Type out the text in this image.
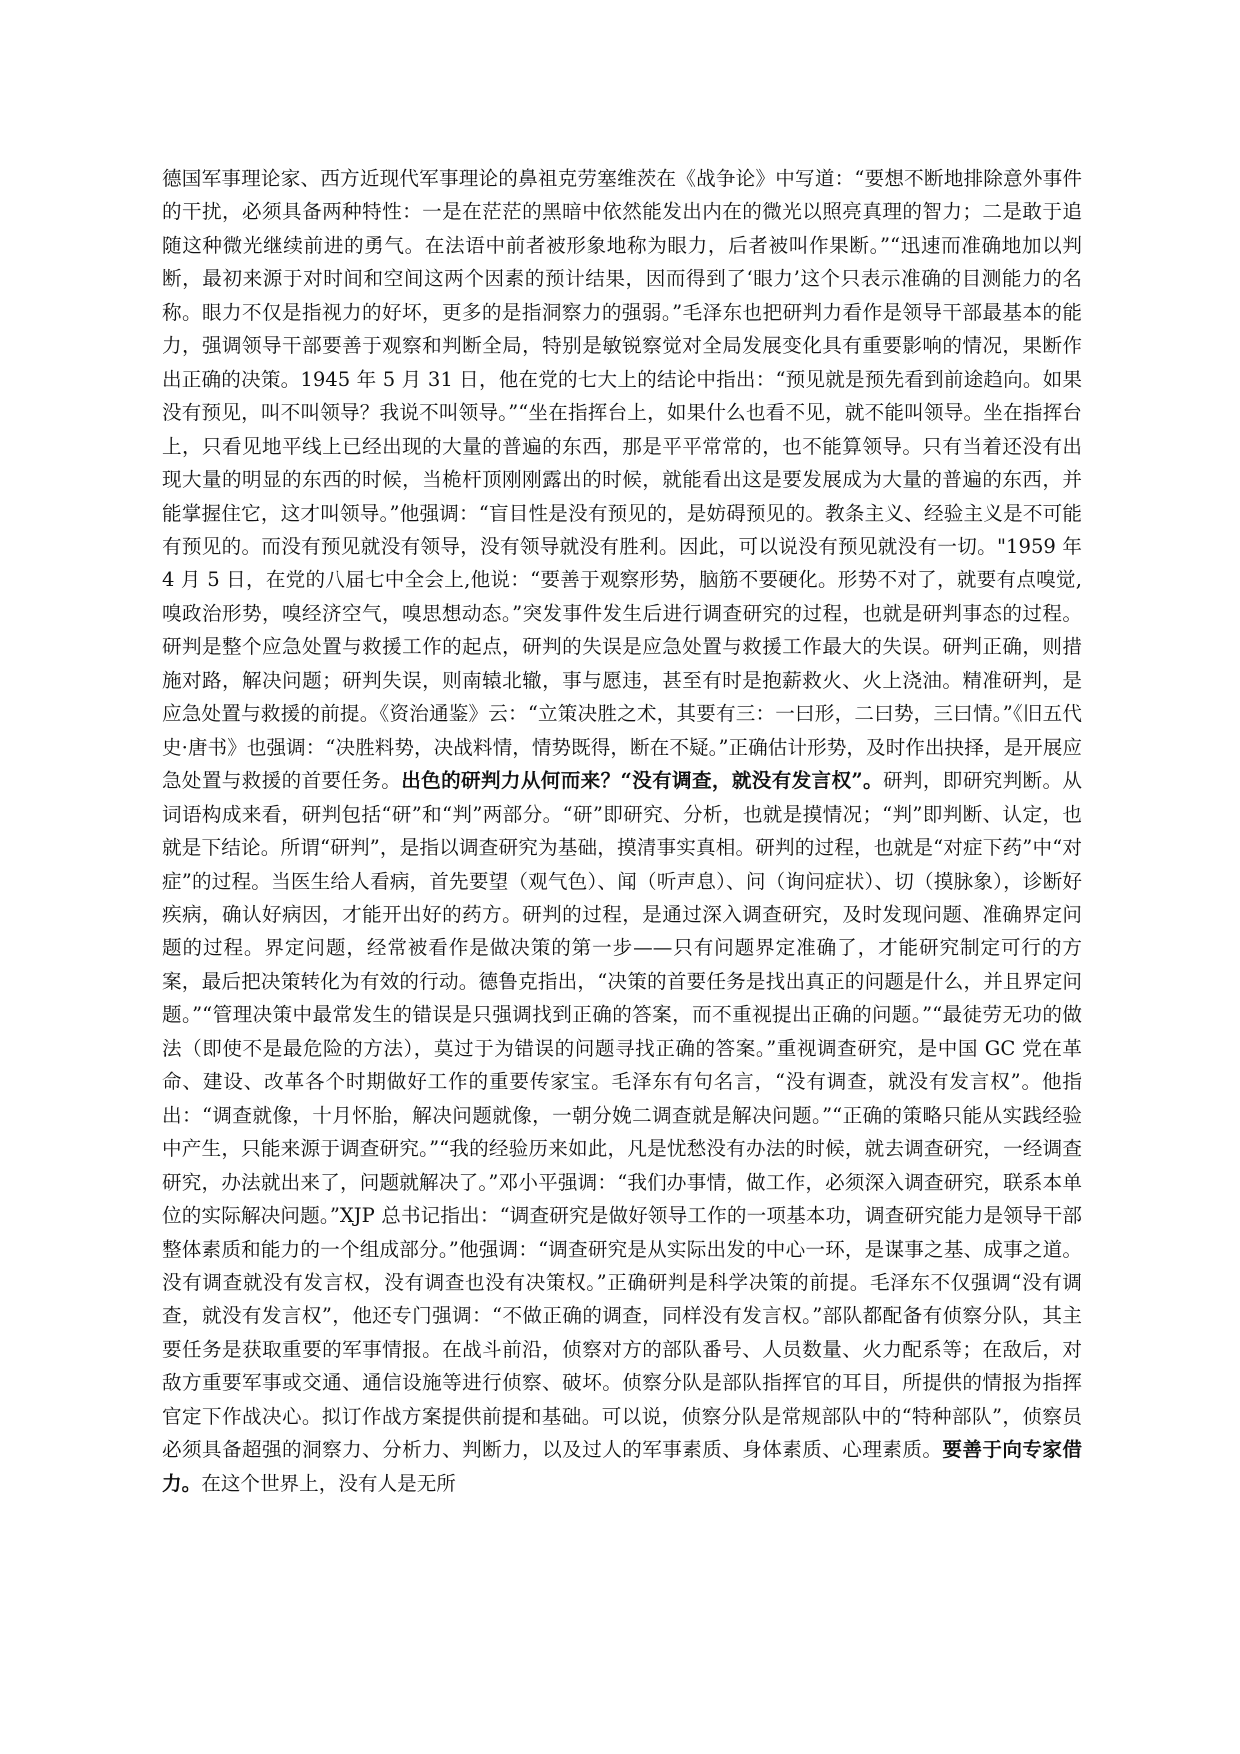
德国军事理论家、西方近现代军事理论的鼻祖克劳塞维茨在《战争论》中写道：“要想不断地排除意外事件的干扰，必须具备两种特性：一是在茫茫的黑暗中依然能发出内在的微光以照亮真理的智力；二是敢于追随这种微光继续前进的勇气。在法语中前者被形象地称为眼力，后者被叫作果断。”“迅速而准确地加以判断，最初来源于对时间和空间这两个因素的预计结果，因而得到了‘眼力’这个只表示准确的目测能力的名称。眼力不仅是指视力的好坏，更多的是指洞察力的强弱。”毛泽东也把研判力看作是领导干部最基本的能力，强调领导干部要善于观察和判断全局，特别是敏锐察觉对全局发展变化具有重要影响的情况，果断作出正确的决策。1945 年 5 月 31 日，他在党的七大上的结论中指出：“预见就是预先看到前途趋向。如果没有预见，叫不叫领导？我说不叫领导。”“坐在指挥台上，如果什么也看不见，就不能叫领导。坐在指挥台上，只看见地平线上已经出现的大量的普遍的东西，那是平平常常的，也不能算领导。只有当着还没有出现大量的明显的东西的时候，当桅杆顶刚刚露出的时候，就能看出这是要发展成为大量的普遍的东西，并能掌握住它，这才叫领导。”他强调：“盲目性是没有预见的，是妨碍预见的。教条主义、经验主义是不可能有预见的。而没有预见就没有领导，没有领导就没有胜利。因此，可以说没有预见就没有一切。"1959 年 4 月 5 日，在党的八届七中全会上,他说：“要善于观察形势，脑筋不要硬化。形势不对了，就要有点嗅觉,嗅政治形势，嗅经济空气，嗅思想动态。”突发事件发生后进行调查研究的过程，也就是研判事态的过程。研判是整个应急处置与救援工作的起点，研判的失误是应急处置与救援工作最大的失误。研判正确，则措施对路，解决问题；研判失误，则南辕北辙，事与愿违，甚至有时是抱薪救火、火上浇油。精准研判，是应急处置与救援的前提。《资治通鉴》云：“立策决胜之术，其要有三：一曰形，二曰势，三曰情。”《旧五代史·唐书》也强调：“决胜料势，决战料情，情势既得，断在不疑。”正确估计形势，及时作出抉择，是开展应急处置与救援的首要任务。出色的研判力从何而来？“没有调查，就没有发言权”。研判，即研究判断。从词语构成来看，研判包括“研”和“判”两部分。“研”即研究、分析，也就是摸情况；“判”即判断、认定，也就是下结论。所谓“研判”，是指以调查研究为基础，摸清事实真相。研判的过程，也就是“对症下药”中“对症”的过程。当医生给人看病，首先要望（观气色）、闻（听声息）、问（询问症状）、切（摸脉象），诊断好疾病，确认好病因，才能开出好的药方。研判的过程，是通过深入调查研究，及时发现问题、准确界定问题的过程。界定问题，经常被看作是做决策的第一步——只有问题界定准确了，才能研究制定可行的方案，最后把决策转化为有效的行动。德鲁克指出，“决策的首要任务是找出真正的问题是什么，并且界定问题。”“管理决策中最常发生的错误是只强调找到正确的答案，而不重视提出正确的问题。”“最徒劳无功的做法（即使不是最危险的方法），莫过于为错误的问题寻找正确的答案。”重视调查研究，是中国 GC 党在革命、建设、改革各个时期做好工作的重要传家宝。毛泽东有句名言，“没有调查，就没有发言权”。他指出：“调查就像，十月怀胎，解决问题就像，一朝分娩二调查就是解决问题。”“正确的策略只能从实践经验中产生，只能来源于调查研究。”“我的经验历来如此，凡是忧愁没有办法的时候，就去调查研究，一经调查研究，办法就出来了，问题就解决了。”邓小平强调：“我们办事情，做工作，必须深入调查研究，联系本单位的实际解决问题。”XJP 总书记指出：“调查研究是做好领导工作的一项基本功，调查研究能力是领导干部整体素质和能力的一个组成部分。”他强调：“调查研究是从实际出发的中心一环，是谋事之基、成事之道。没有调查就没有发言权，没有调查也没有决策权。”正确研判是科学决策的前提。毛泽东不仅强调“没有调查，就没有发言权”，他还专门强调：“不做正确的调查，同样没有发言权。”部队都配备有侦察分队，其主要任务是获取重要的军事情报。在战斗前沿，侦察对方的部队番号、人员数量、火力配系等；在敌后，对敌方重要军事或交通、通信设施等进行侦察、破坏。侦察分队是部队指挥官的耳目，所提供的情报为指挥官定下作战决心。拟订作战方案提供前提和基础。可以说，侦察分队是常规部队中的“特种部队”，侦察员必须具备超强的洞察力、分析力、判断力，以及过人的军事素质、身体素质、心理素质。要善于向专家借力。在这个世界上，没有人是无所
